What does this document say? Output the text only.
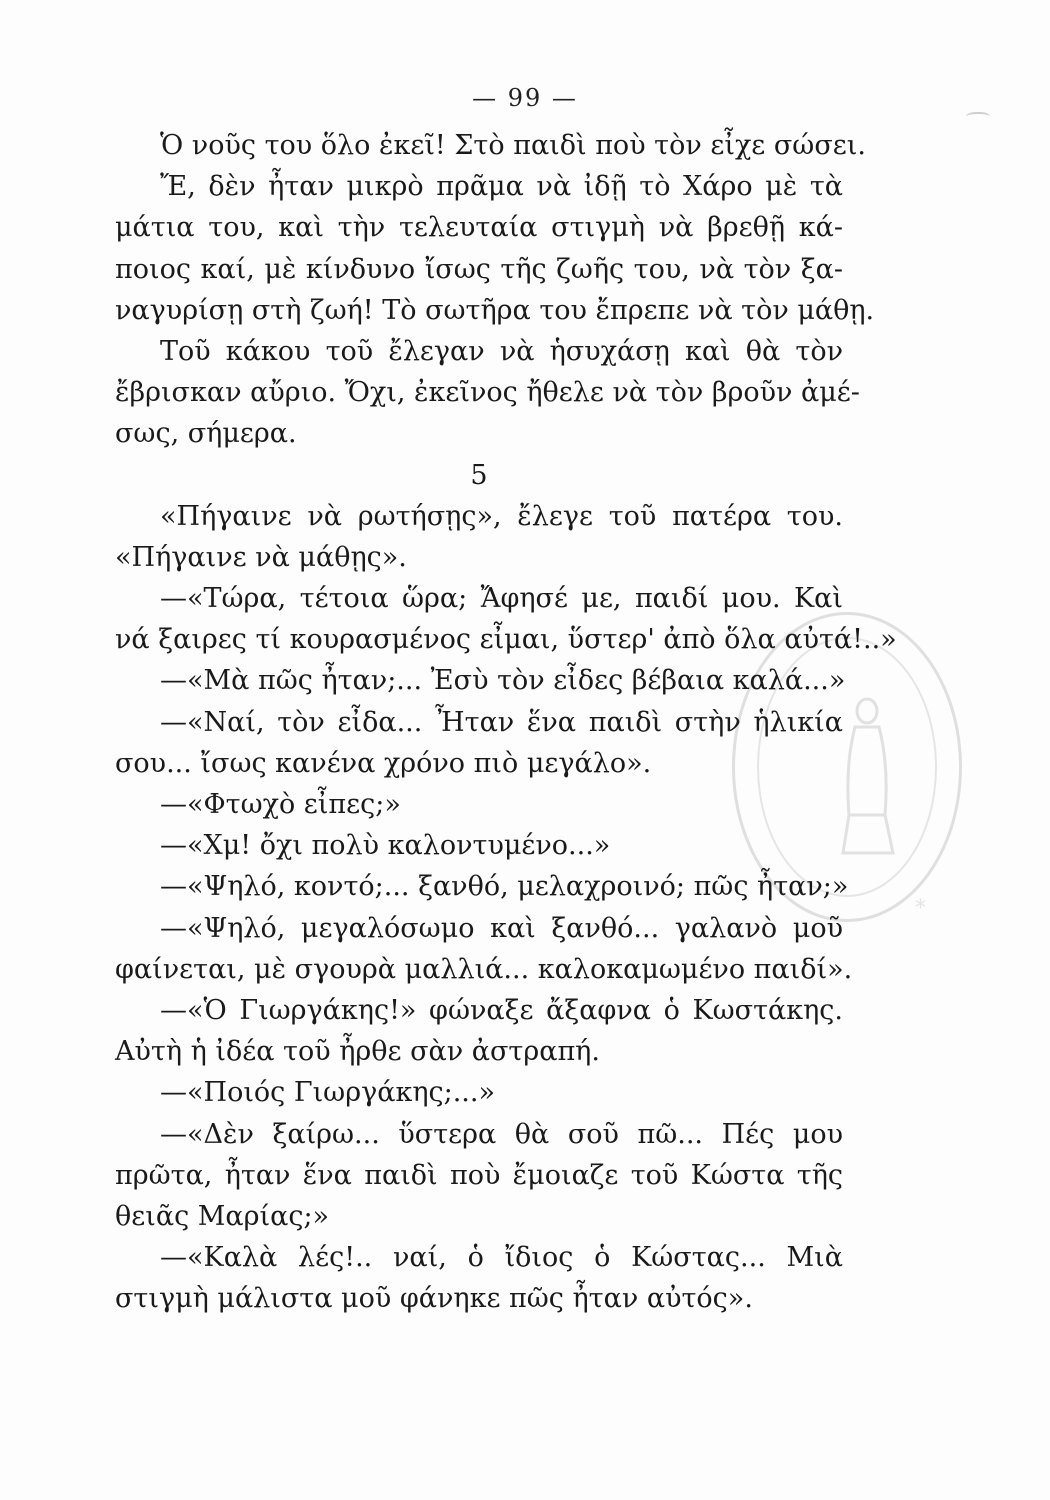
— 99 —
*
Ὁ νοῦς του ὅλο ἐκεῖ! Στὸ παιδὶ ποὺ τὸν εἶχε σώσει.
Ἔ, δὲν ἦταν μικρὸ πρᾶμα νὰ ἰδῇ τὸ Χάρο μὲ τὰ
μάτια του, καὶ τὴν τελευταία στιγμὴ νὰ βρεθῇ κά-
ποιος καί, μὲ κίνδυνο ἴσως τῆς ζωῆς του, νὰ τὸν ξα-
ναγυρίσῃ στὴ ζωή! Τὸ σωτῆρα του ἔπρεπε νὰ τὸν μάθῃ.
Τοῦ κάκου τοῦ ἔλεγαν νὰ ἡσυχάσῃ καὶ θὰ τὸν
ἔβρισκαν αὔριο. Ὄχι, ἐκεῖνος ἤθελε νὰ τὸν βροῦν ἀμέ-
σως, σήμερα.
5
«Πήγαινε νὰ ρωτήσῃς», ἔλεγε τοῦ πατέρα του.
«Πήγαινε νὰ μάθῃς».
—«Τώρα, τέτοια ὥρα; Ἄφησέ με, παιδί μου. Καὶ
νά ξαιρες τί κουρασμένος εἶμαι, ὕστερ' ἀπὸ ὅλα αὐτά!..»
—«Μὰ πῶς ἦταν;... Ἐσὺ τὸν εἶδες βέβαια καλά...»
—«Ναί, τὸν εἶδα... Ἦταν ἕνα παιδὶ στὴν ἡλικία
σου... ἴσως κανένα χρόνο πιὸ μεγάλο».
—«Φτωχὸ εἶπες;»
—«Χμ! ὄχι πολὺ καλοντυμένο...»
—«Ψηλό, κοντό;... ξανθό, μελαχροινό; πῶς ἦταν;»
—«Ψηλό, μεγαλόσωμο καὶ ξανθό... γαλανὸ μοῦ
φαίνεται, μὲ σγουρὰ μαλλιά... καλοκαμωμένο παιδί».
—«Ὁ Γιωργάκης!» φώναξε ἄξαφνα ὁ Κωστάκης.
Αὐτὴ ἡ ἰδέα τοῦ ἦρθε σὰν ἀστραπή.
—«Ποιός Γιωργάκης;...»
—«Δὲν ξαίρω... ὕστερα θὰ σοῦ πῶ... Πές μου
πρῶτα, ἦταν ἕνα παιδὶ ποὺ ἔμοιαζε τοῦ Κώστα τῆς
θειᾶς Μαρίας;»
—«Καλὰ λές!.. ναί, ὁ ἴδιος ὁ Κώστας... Μιὰ
στιγμὴ μάλιστα μοῦ φάνηκε πῶς ἦταν αὐτός».
